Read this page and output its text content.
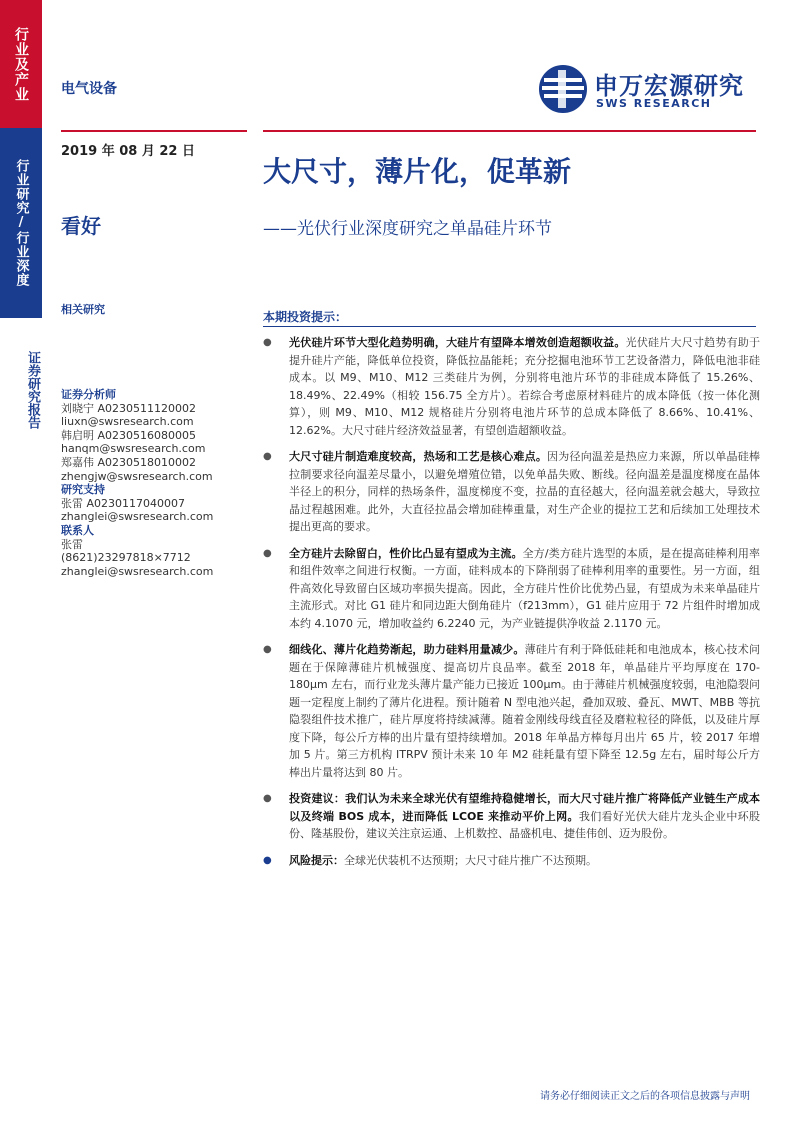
行业及产业
行业研究/行业深度
证券研究报告
电气设备	申万宏源研究
SWS RESEARCH
2019 年 08 月 22 日
看好
相关研究
大尺寸，薄片化，促革新
——光伏行业深度研究之单晶硅片环节
证券分析师
刘晓宁 A0230511120002
liuxn@swsresearch.com
韩启明 A0230516080005
hanqm@swsresearch.com
郑嘉伟 A0230518010002
zhengjw@swsresearch.com
研究支持
张雷 A0230117040007
zhanglei@swsresearch.com
联系人
张雷
(8621)23297818×7712
zhanglei@swsresearch.com
本期投资提示：
● 光伏硅片环节大型化趋势明确，大硅片有望降本增效创造超额收益。光伏硅片大尺寸趋势有助于提升硅片产能，降低单位投资，降低拉晶能耗；充分挖掘电池环节工艺设备潜力，降低电池非硅成本。以 M9、M10、M12 三类硅片为例，分别将电池片环节的非硅成本降低了 15.26%、18.49%、22.49%（相较 156.75 全方片）。若综合考虑原材料硅片的成本降低（按一体化测算），则 M9、M10、M12 规格硅片分别将电池片环节的总成本降低了 8.66%、10.41%、12.62%。大尺寸硅片经济效益显著，有望创造超额收益。
● 大尺寸硅片制造难度较高，热场和工艺是核心难点。因为径向温差是热应力来源，所以单晶硅棒拉制要求径向温差尽量小，以避免增殖位错，以免单晶失败、断线。径向温差是温度梯度在晶体半径上的积分，同样的热场条件，温度梯度不变，拉晶的直径越大，径向温差就会越大，导致拉晶过程越困难。此外，大直径拉晶会增加硅棒重量，对生产企业的提拉工艺和后续加工处理技术提出更高的要求。
● 全方硅片去除留白，性价比凸显有望成为主流。全方/类方硅片选型的本质，是在提高硅棒利用率和组件效率之间进行权衡。一方面，硅料成本的下降削弱了硅棒利用率的重要性。另一方面，组件高效化导致留白区域功率损失提高。因此，全方硅片性价比优势凸显，有望成为未来单晶硅片主流形式。对比 G1 硅片和同边距大倒角硅片（f213mm），G1 硅片应用于 72 片组件时增加成本约 4.1070 元，增加收益约 6.2240 元，为产业链提供净收益 2.1170 元。
● 细线化、薄片化趋势渐起，助力硅料用量减少。薄硅片有利于降低硅耗和电池成本，核心技术问题在于保障薄硅片机械强度、提高切片良品率。截至 2018 年，单晶硅片平均厚度在 170-180μm 左右，而行业龙头薄片量产能力已接近 100μm。由于薄硅片机械强度较弱，电池隐裂问题一定程度上制约了薄片化进程。预计随着 N 型电池兴起，叠加双玻、叠瓦、MWT、MBB 等抗隐裂组件技术推广，硅片厚度将持续减薄。随着金刚线母线直径及磨粒粒径的降低，以及硅片厚度下降，每公斤方棒的出片量有望持续增加。2018 年单晶方棒每月出片 65 片，较 2017 年增加 5 片。第三方机构 ITRPV 预计未来 10 年 M2 硅耗量有望下降至 12.5g 左右，届时每公斤方棒出片量将达到 80 片。
● 投资建议：我们认为未来全球光伏有望维持稳健增长，而大尺寸硅片推广将降低产业链生产成本以及终端 BOS 成本，进而降低 LCOE 来推动平价上网。我们看好光伏大硅片龙头企业中环股份、隆基股份，建议关注京运通、上机数控、晶盛机电、捷佳伟创、迈为股份。
● 风险提示：全球光伏装机不达预期；大尺寸硅片推广不达预期。
请务必仔细阅读正文之后的各项信息披露与声明
